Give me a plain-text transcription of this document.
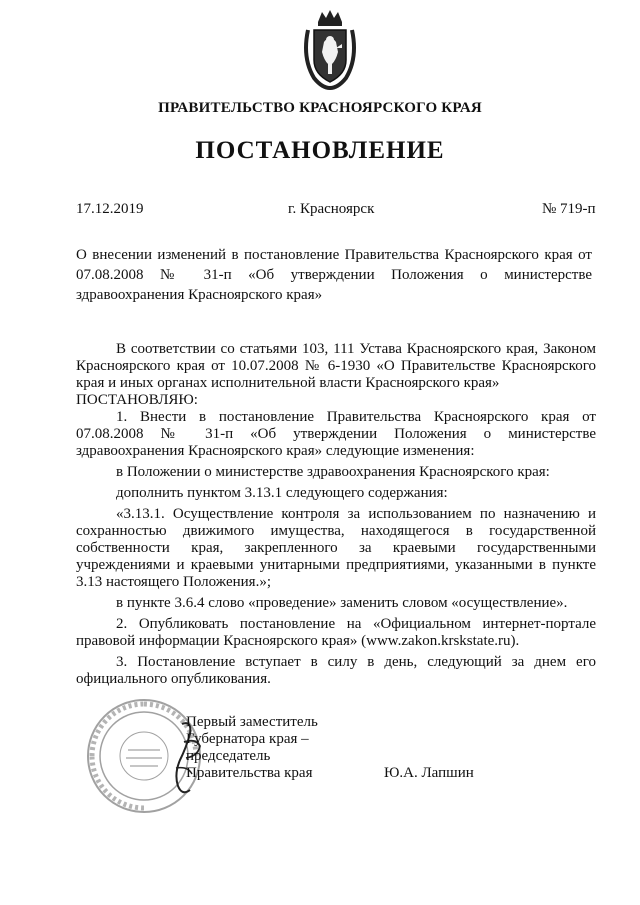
ПРАВИТЕЛЬСТВО КРАСНОЯРСКОГО КРАЯ
ПОСТАНОВЛЕНИЕ
17.12.2019	г. Красноярск	№ 719-п
О внесении изменений в постановление Правительства Красноярского края от 07.08.2008 № 31-п «Об утверждении Положения о министерстве здравоохранения Красноярского края»

В соответствии со статьями 103, 111 Устава Красноярского края, Законом Красноярского края от 10.07.2008 № 6-1930 «О Правительстве Красноярского края и иных органах исполнительной власти Красноярского края»

ПОСТАНОВЛЯЮ:

1. Внести в постановление Правительства Красноярского края от 07.08.2008 № 31-п «Об утверждении Положения о министерстве здравоохранения Красноярского края» следующие изменения:

в Положении о министерстве здравоохранения Красноярского края:

дополнить пунктом 3.13.1 следующего содержания:

«3.13.1. Осуществление контроля за использованием по назначению и сохранностью движимого имущества, находящегося в государственной собственности края, закрепленного за краевыми государственными учреждениями и краевыми унитарными предприятиями, указанными в пункте 3.13 настоящего Положения.»;

в пункте 3.6.4 слово «проведение» заменить словом «осуществление».

2. Опубликовать постановление на «Официальном интернет-портале правовой информации Красноярского края» (www.zakon.krskstate.ru).

3. Постановление вступает в силу в день, следующий за днем его официального опубликования.

Первый заместитель
Губернатора края –
председатель
Правительства края	Ю.А. Лапшин
